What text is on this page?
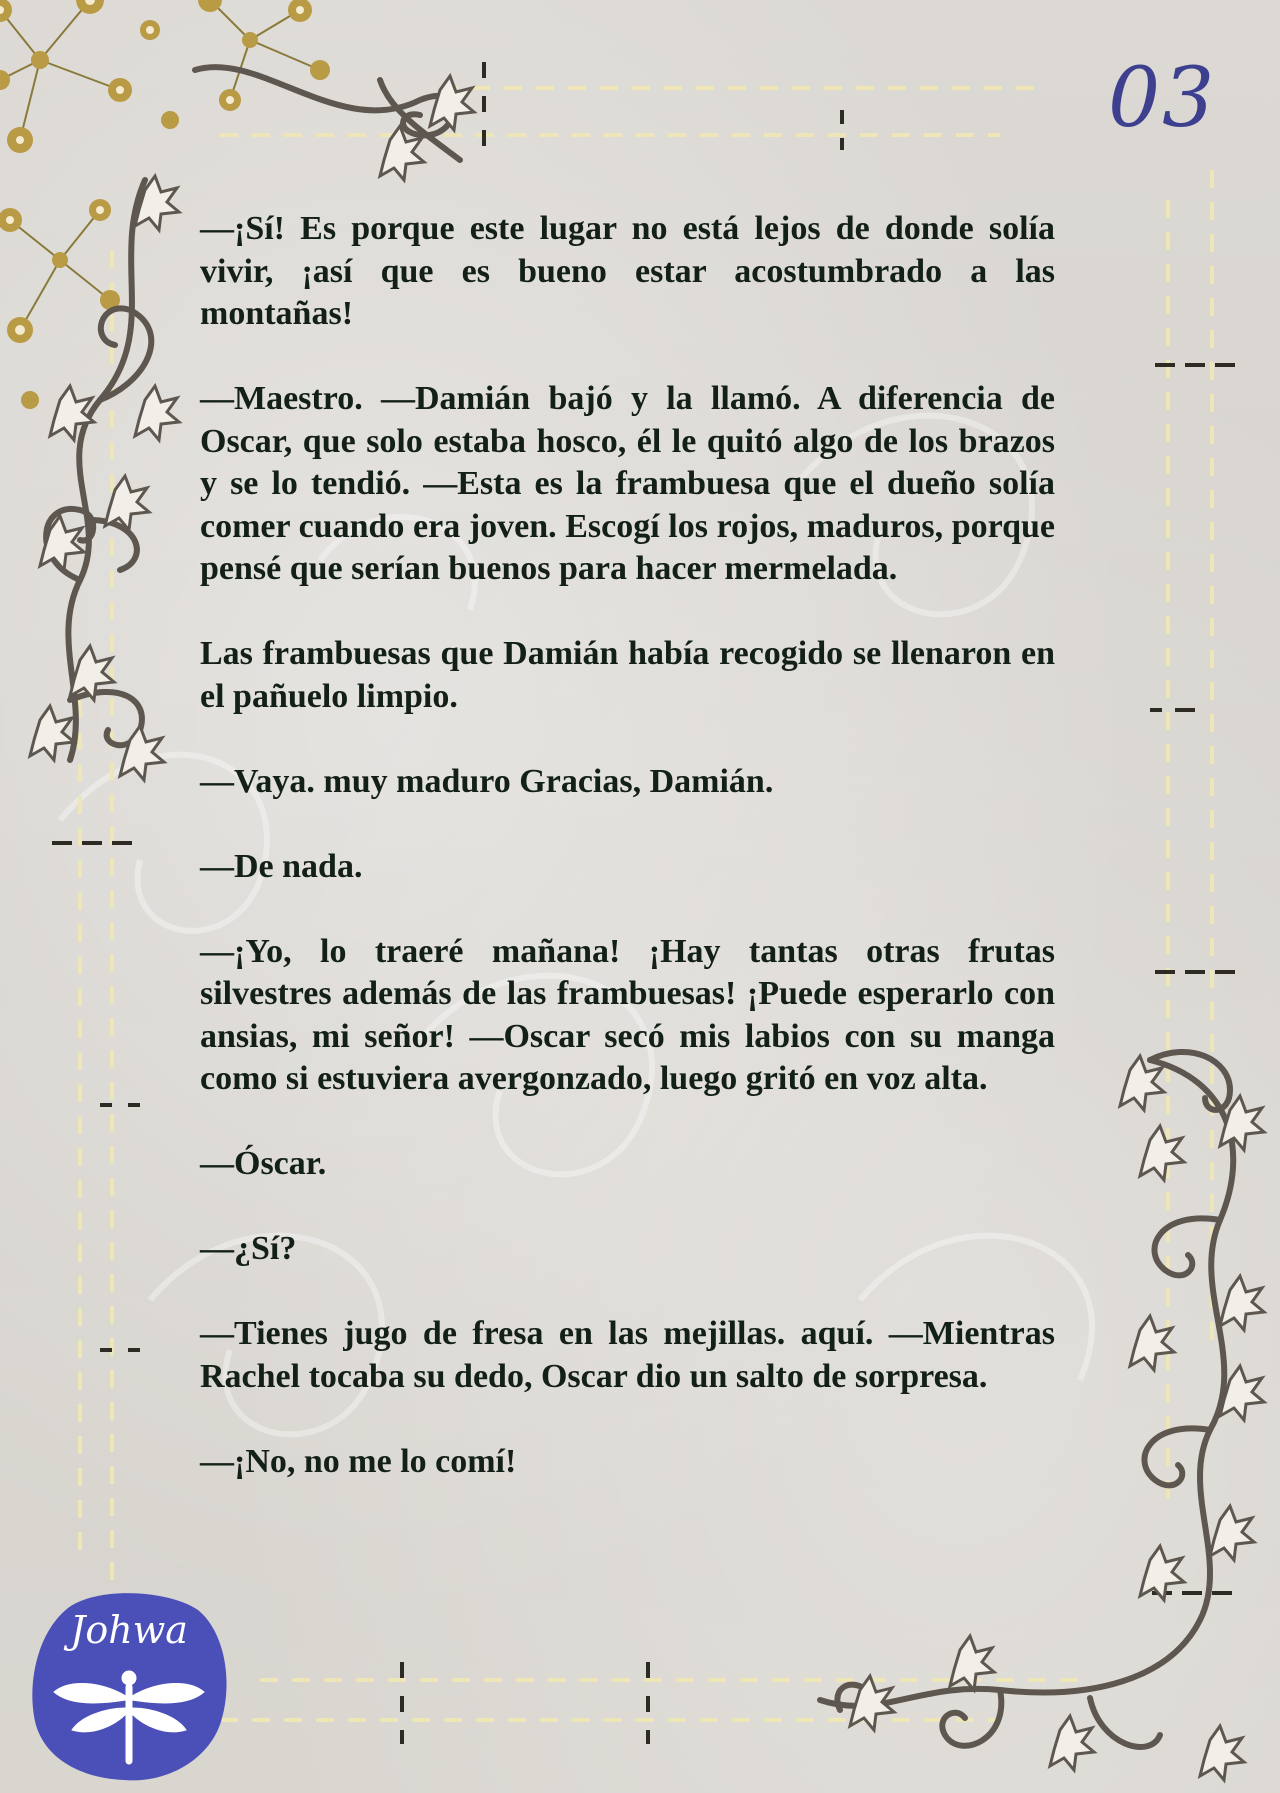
03

—¡Sí! Es porque este lugar no está lejos de donde solía vivir, ¡así que es bueno estar acostumbrado a las montañas!

—Maestro. —Damián bajó y la llamó. A diferencia de Oscar, que solo estaba hosco, él le quitó algo de los brazos y se lo tendió. —Esta es la frambuesa que el dueño solía comer cuando era joven. Escogí los rojos, maduros, porque pensé que serían buenos para hacer mermelada.

Las frambuesas que Damián había recogido se llenaron en el pañuelo limpio.

—Vaya. muy maduro Gracias, Damián.

—De nada.

—¡Yo, lo traeré mañana! ¡Hay tantas otras frutas silvestres además de las frambuesas! ¡Puede esperarlo con ansias, mi señor! —Oscar secó mis labios con su manga como si estuviera avergonzado, luego gritó en voz alta.

—Óscar.

—¿Sí?

—Tienes jugo de fresa en las mejillas. aquí. —Mientras Rachel tocaba su dedo, Oscar dio un salto de sorpresa.

—¡No, no me lo comí!

Johwa
